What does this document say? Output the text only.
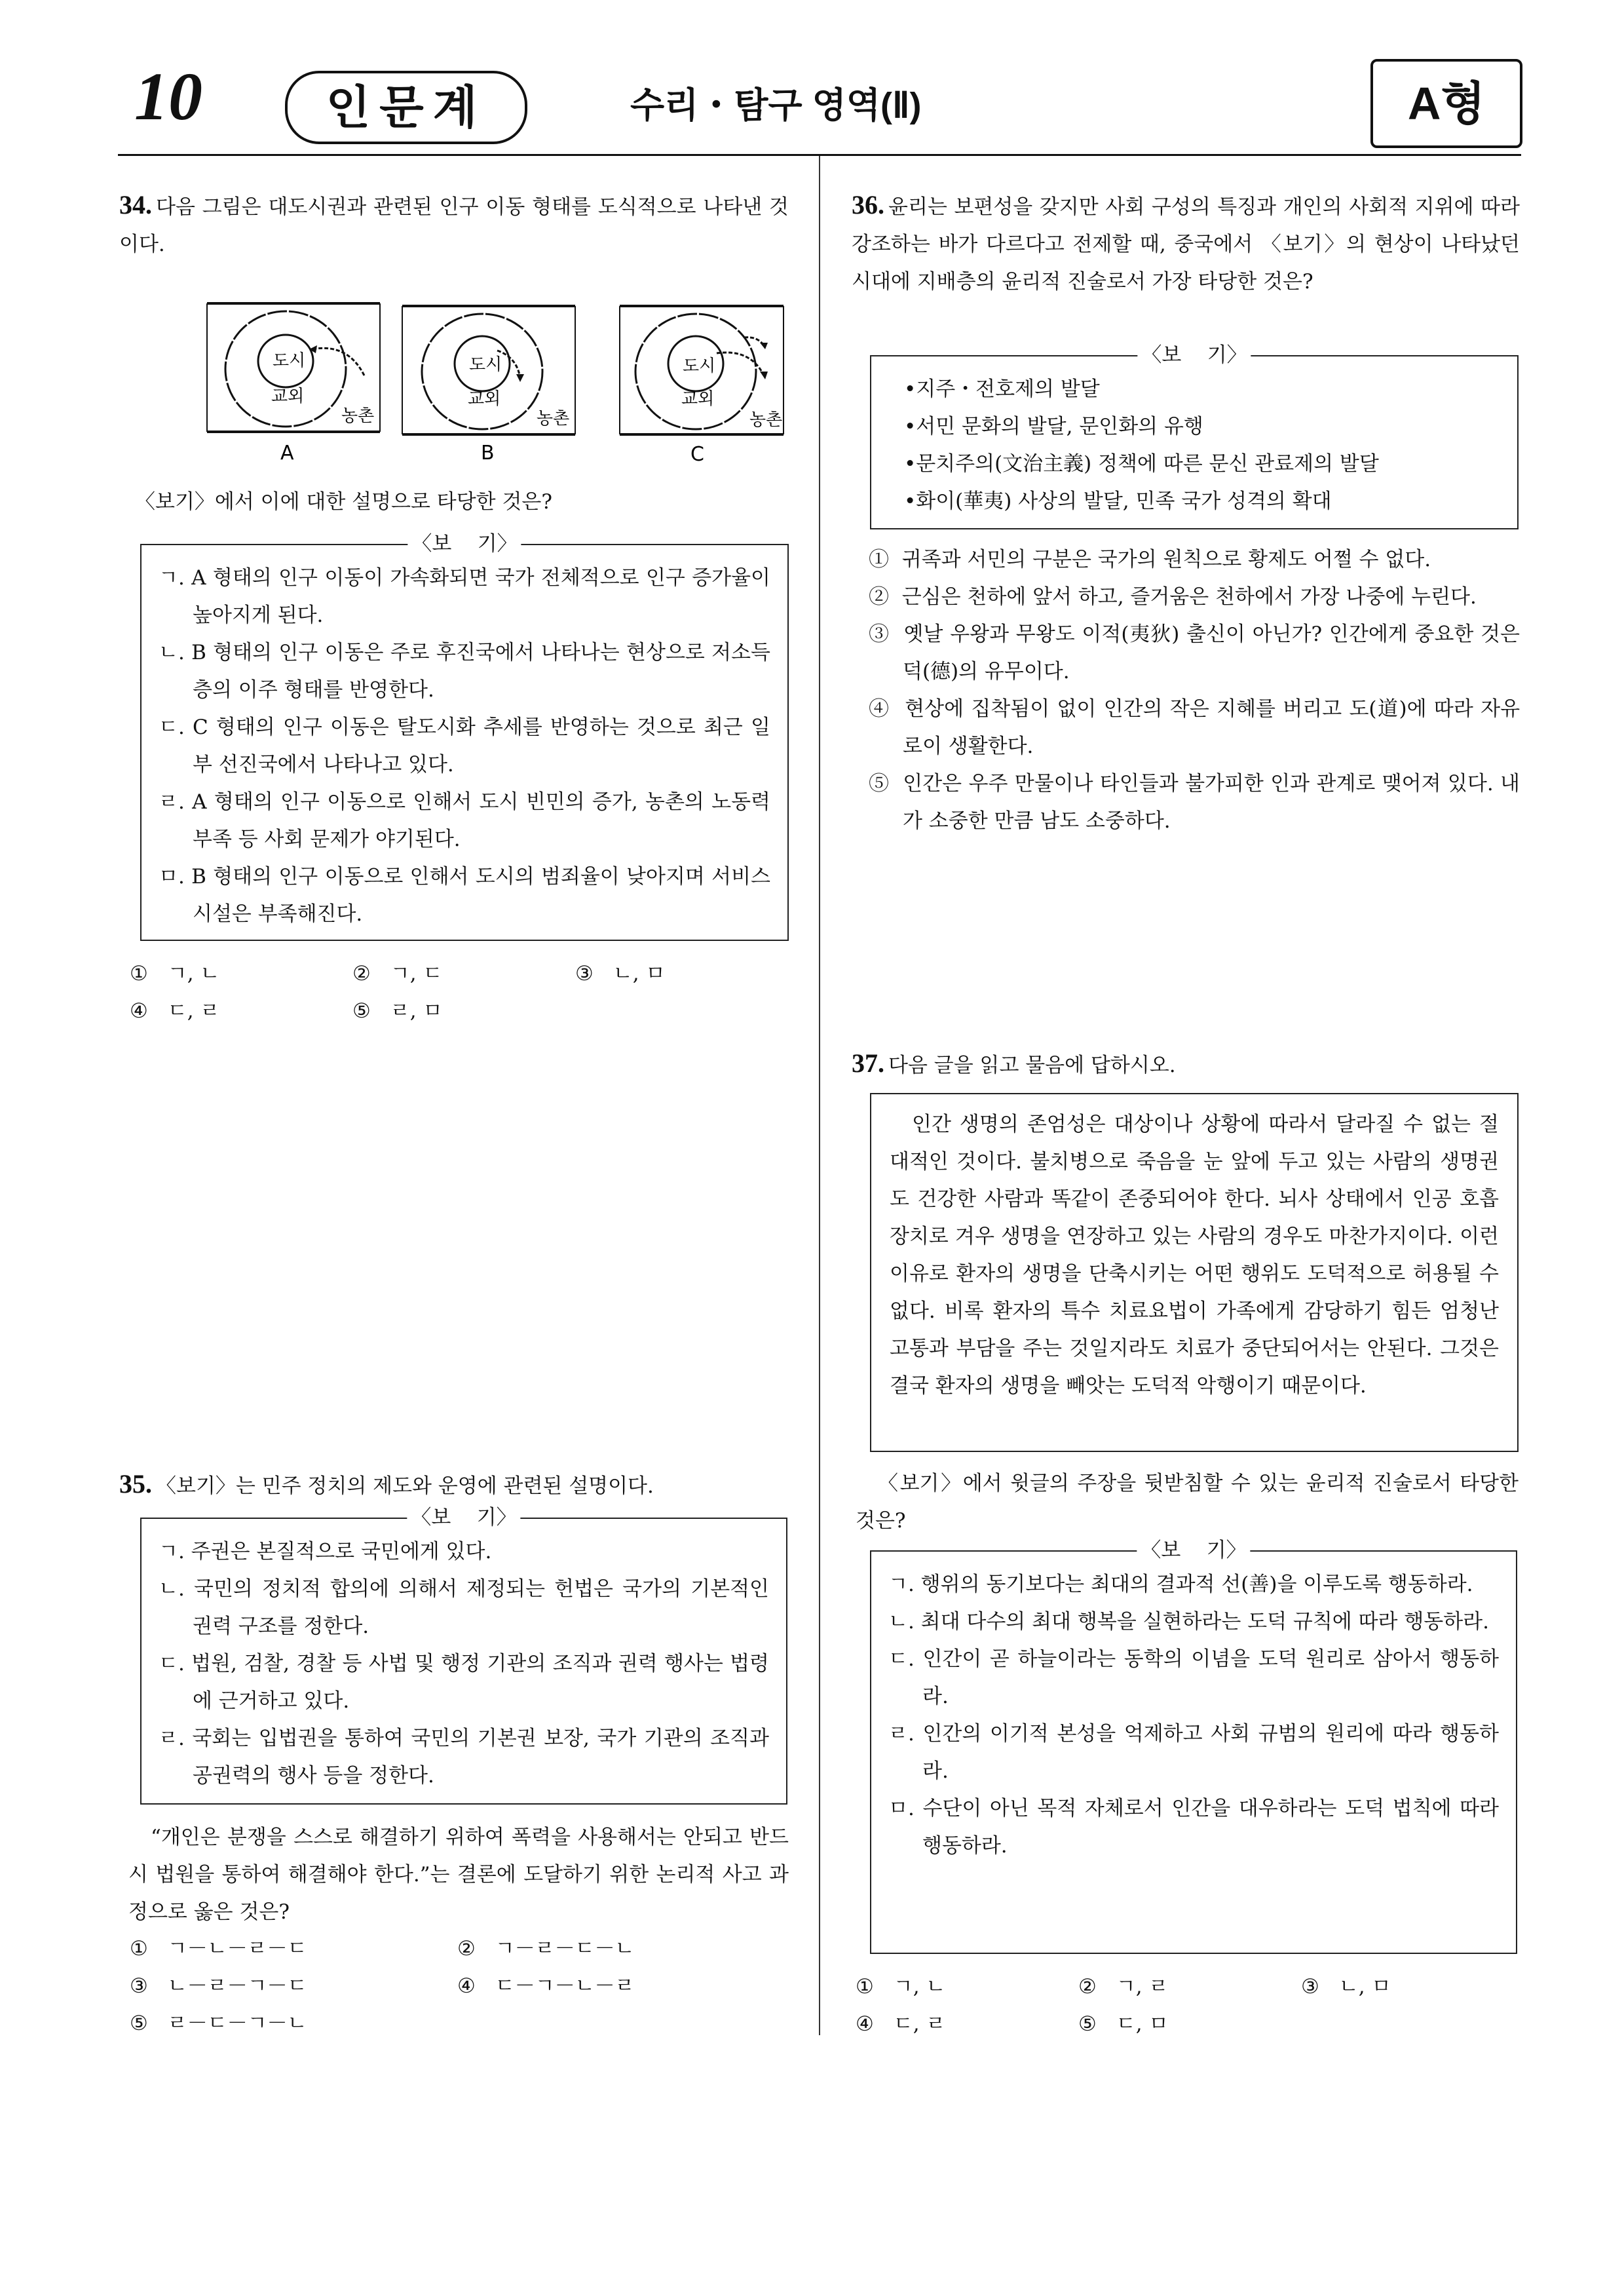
10	인문계	수리・탐구 영역(Ⅱ)	A형
34. 다음 그림은 대도시권과 관련된 인구 이동 형태를 도식적으로 나타낸 것이다.
도시
교외
농촌
A
도시
교외
농촌
B
도시
교외
농촌
C
〈보기〉에서 이에 대한 설명으로 타당한 것은?
〈보    기〉
ㄱ. A 형태의 인구 이동이 가속화되면 국가 전체적으로 인구 증가율이 높아지게 된다.
ㄴ. B 형태의 인구 이동은 주로 후진국에서 나타나는 현상으로 저소득층의 이주 형태를 반영한다.
ㄷ. C 형태의 인구 이동은 탈도시화 추세를 반영하는 것으로 최근 일부 선진국에서 나타나고 있다.
ㄹ. A 형태의 인구 이동으로 인해서 도시 빈민의 증가, 농촌의 노동력 부족 등 사회 문제가 야기된다.
ㅁ. B 형태의 인구 이동으로 인해서 도시의 범죄율이 낮아지며 서비스 시설은 부족해진다.
① ㄱ, ㄴ	② ㄱ, ㄷ	③ ㄴ, ㅁ
④ ㄷ, ㄹ	⑤ ㄹ, ㅁ
35. 〈보기〉는 민주 정치의 제도와 운영에 관련된 설명이다.
〈보    기〉
ㄱ. 주권은 본질적으로 국민에게 있다.
ㄴ. 국민의 정치적 합의에 의해서 제정되는 헌법은 국가의 기본적인 권력 구조를 정한다.
ㄷ. 법원, 검찰, 경찰 등 사법 및 행정 기관의 조직과 권력 행사는 법령에 근거하고 있다.
ㄹ. 국회는 입법권을 통하여 국민의 기본권 보장, 국가 기관의 조직과 공권력의 행사 등을 정한다.
“개인은 분쟁을 스스로 해결하기 위하여 폭력을 사용해서는 안되고 반드시 법원을 통하여 해결해야 한다.”는 결론에 도달하기 위한 논리적 사고 과정으로 옳은 것은?
① ㄱ－ㄴ－ㄹ－ㄷ	② ㄱ－ㄹ－ㄷ－ㄴ
③ ㄴ－ㄹ－ㄱ－ㄷ	④ ㄷ－ㄱ－ㄴ－ㄹ
⑤ ㄹ－ㄷ－ㄱ－ㄴ
36. 윤리는 보편성을 갖지만 사회 구성의 특징과 개인의 사회적 지위에 따라 강조하는 바가 다르다고 전제할 때, 중국에서 〈보기〉의 현상이 나타났던 시대에 지배층의 윤리적 진술로서 가장 타당한 것은?
〈보    기〉
•지주・전호제의 발달
•서민 문화의 발달, 문인화의 유행
•문치주의(文治主義) 정책에 따른 문신 관료제의 발달
•화이(華夷) 사상의 발달, 민족 국가 성격의 확대
① 귀족과 서민의 구분은 국가의 원칙으로 황제도 어쩔 수 없다.
② 근심은 천하에 앞서 하고, 즐거움은 천하에서 가장 나중에 누린다.
③ 옛날 우왕과 무왕도 이적(夷狄) 출신이 아닌가? 인간에게 중요한 것은 덕(德)의 유무이다.
④ 현상에 집착됨이 없이 인간의 작은 지혜를 버리고 도(道)에 따라 자유로이 생활한다.
⑤ 인간은 우주 만물이나 타인들과 불가피한 인과 관계로 맺어져 있다. 내가 소중한 만큼 남도 소중하다.
37. 다음 글을 읽고 물음에 답하시오.
인간 생명의 존엄성은 대상이나 상황에 따라서 달라질 수 없는 절대적인 것이다. 불치병으로 죽음을 눈 앞에 두고 있는 사람의 생명권도 건강한 사람과 똑같이 존중되어야 한다. 뇌사 상태에서 인공 호흡 장치로 겨우 생명을 연장하고 있는 사람의 경우도 마찬가지이다. 이런 이유로 환자의 생명을 단축시키는 어떤 행위도 도덕적으로 허용될 수 없다. 비록 환자의 특수 치료요법이 가족에게 감당하기 힘든 엄청난 고통과 부담을 주는 것일지라도 치료가 중단되어서는 안된다. 그것은 결국 환자의 생명을 빼앗는 도덕적 악행이기 때문이다.
〈보기〉에서 윗글의 주장을 뒷받침할 수 있는 윤리적 진술로서 타당한 것은?
〈보    기〉
ㄱ. 행위의 동기보다는 최대의 결과적 선(善)을 이루도록 행동하라.
ㄴ. 최대 다수의 최대 행복을 실현하라는 도덕 규칙에 따라 행동하라.
ㄷ. 인간이 곧 하늘이라는 동학의 이념을 도덕 원리로 삼아서 행동하라.
ㄹ. 인간의 이기적 본성을 억제하고 사회 규범의 원리에 따라 행동하라.
ㅁ. 수단이 아닌 목적 자체로서 인간을 대우하라는 도덕 법칙에 따라 행동하라.
① ㄱ, ㄴ	② ㄱ, ㄹ	③ ㄴ, ㅁ
④ ㄷ, ㄹ	⑤ ㄷ, ㅁ
